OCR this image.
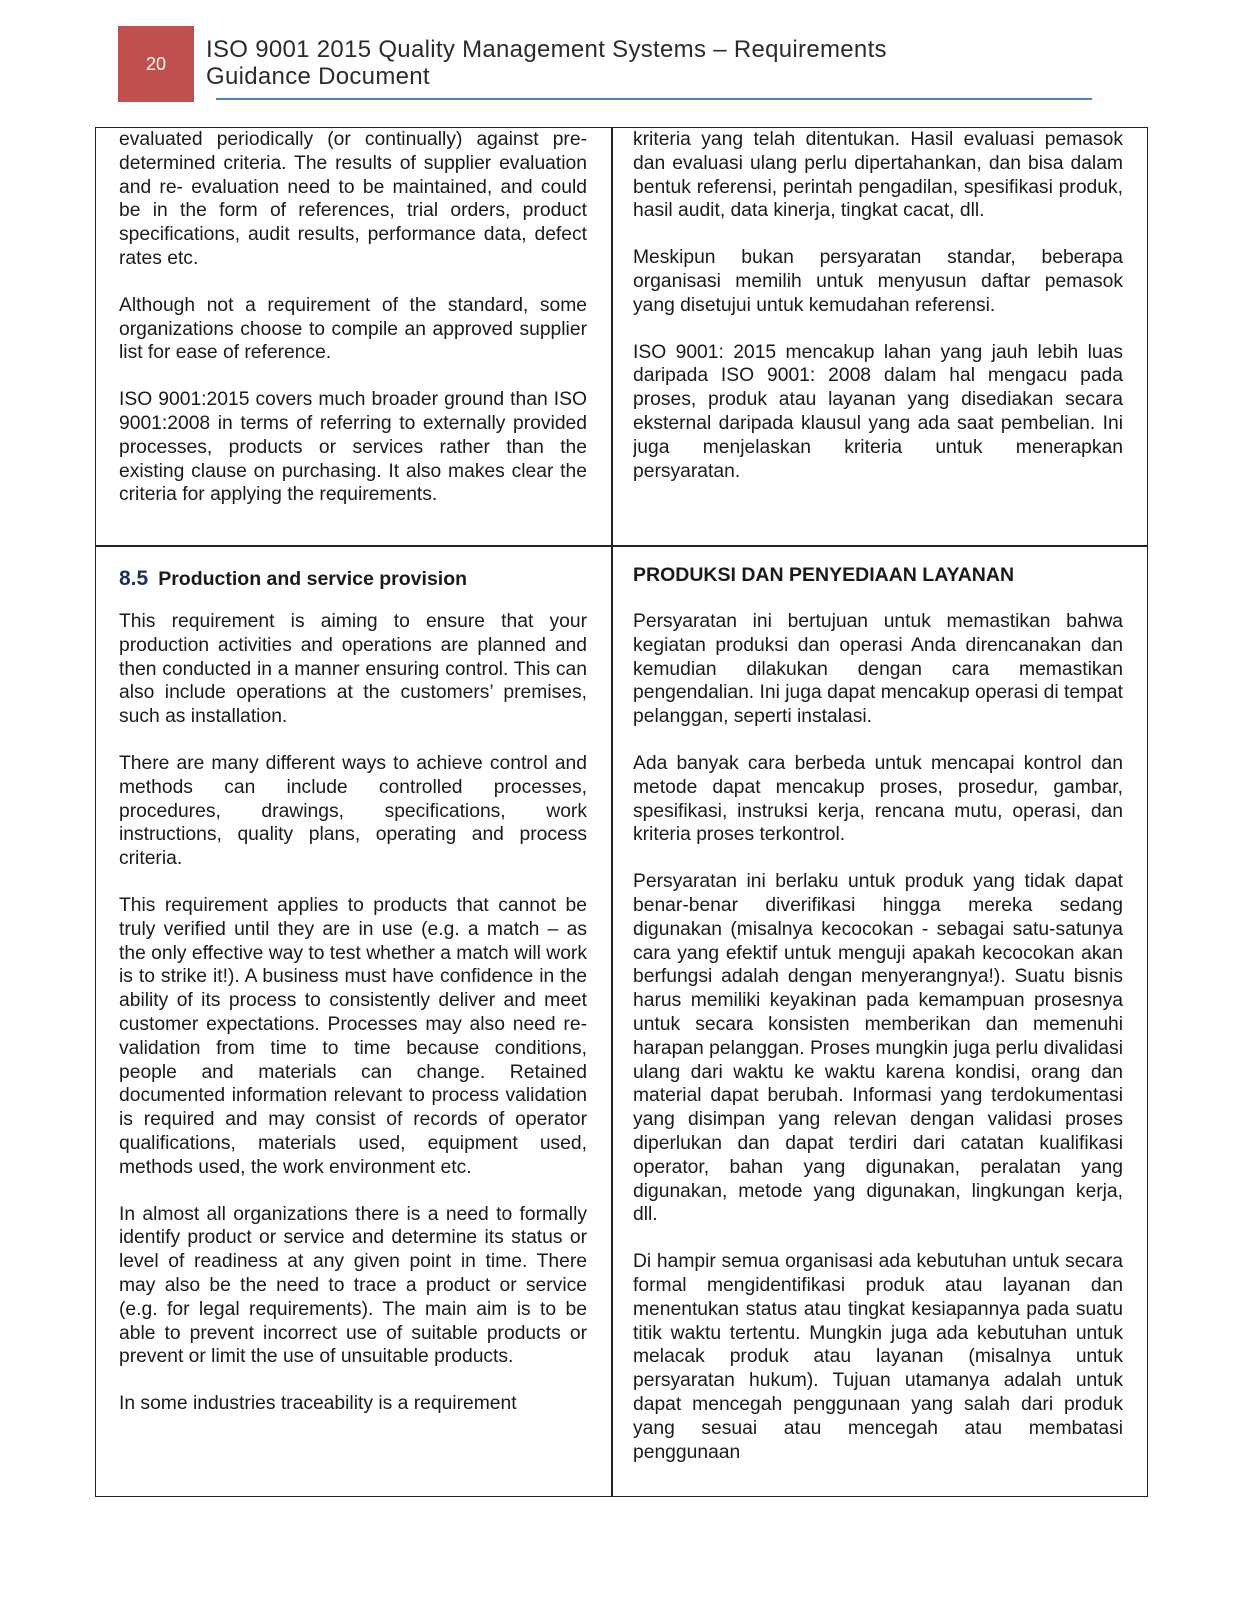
20
ISO 9001 2015 Quality Management Systems – Requirements
Guidance Document

evaluated periodically (or continually) against pre-determined criteria. The results of supplier evaluation and re- evaluation need to be maintained, and could be in the form of references, trial orders, product specifications, audit results, performance data, defect rates etc.

Although not a requirement of the standard, some organizations choose to compile an approved supplier list for ease of reference.

ISO 9001:2015 covers much broader ground than ISO 9001:2008 in terms of referring to externally provided processes, products or services rather than the existing clause on purchasing. It also makes clear the criteria for applying the requirements.

kriteria yang telah ditentukan. Hasil evaluasi pemasok dan evaluasi ulang perlu dipertahankan, dan bisa dalam bentuk referensi, perintah pengadilan, spesifikasi produk, hasil audit, data kinerja, tingkat cacat, dll.

Meskipun bukan persyaratan standar, beberapa organisasi memilih untuk menyusun daftar pemasok yang disetujui untuk kemudahan referensi.

ISO 9001: 2015 mencakup lahan yang jauh lebih luas daripada ISO 9001: 2008 dalam hal mengacu pada proses, produk atau layanan yang disediakan secara eksternal daripada klausul yang ada saat pembelian. Ini juga menjelaskan kriteria untuk menerapkan persyaratan.

8.5 Production and service provision

This requirement is aiming to ensure that your production activities and operations are planned and then conducted in a manner ensuring control. This can also include operations at the customers’ premises, such as installation.

There are many different ways to achieve control and methods can include controlled processes, procedures, drawings, specifications, work instructions, quality plans, operating and process criteria.

This requirement applies to products that cannot be truly verified until they are in use (e.g. a match – as the only effective way to test whether a match will work is to strike it!). A business must have confidence in the ability of its process to consistently deliver and meet customer expectations. Processes may also need re-validation from time to time because conditions, people and materials can change. Retained documented information relevant to process validation is required and may consist of records of operator qualifications, materials used, equipment used, methods used, the work environment etc.

In almost all organizations there is a need to formally identify product or service and determine its status or level of readiness at any given point in time. There may also be the need to trace a product or service (e.g. for legal requirements). The main aim is to be able to prevent incorrect use of suitable products or prevent or limit the use of unsuitable products.

In some industries traceability is a requirement

PRODUKSI DAN PENYEDIAAN LAYANAN

Persyaratan ini bertujuan untuk memastikan bahwa kegiatan produksi dan operasi Anda direncanakan dan kemudian dilakukan dengan cara memastikan pengendalian. Ini juga dapat mencakup operasi di tempat pelanggan, seperti instalasi.

Ada banyak cara berbeda untuk mencapai kontrol dan metode dapat mencakup proses, prosedur, gambar, spesifikasi, instruksi kerja, rencana mutu, operasi, dan kriteria proses terkontrol.

Persyaratan ini berlaku untuk produk yang tidak dapat benar-benar diverifikasi hingga mereka sedang digunakan (misalnya kecocokan - sebagai satu-satunya cara yang efektif untuk menguji apakah kecocokan akan berfungsi adalah dengan menyerangnya!). Suatu bisnis harus memiliki keyakinan pada kemampuan prosesnya untuk secara konsisten memberikan dan memenuhi harapan pelanggan. Proses mungkin juga perlu divalidasi ulang dari waktu ke waktu karena kondisi, orang dan material dapat berubah. Informasi yang terdokumentasi yang disimpan yang relevan dengan validasi proses diperlukan dan dapat terdiri dari catatan kualifikasi operator, bahan yang digunakan, peralatan yang digunakan, metode yang digunakan, lingkungan kerja, dll.

Di hampir semua organisasi ada kebutuhan untuk secara formal mengidentifikasi produk atau layanan dan menentukan status atau tingkat kesiapannya pada suatu titik waktu tertentu. Mungkin juga ada kebutuhan untuk melacak produk atau layanan (misalnya untuk persyaratan hukum). Tujuan utamanya adalah untuk dapat mencegah penggunaan yang salah dari produk yang sesuai atau mencegah atau membatasi penggunaan
